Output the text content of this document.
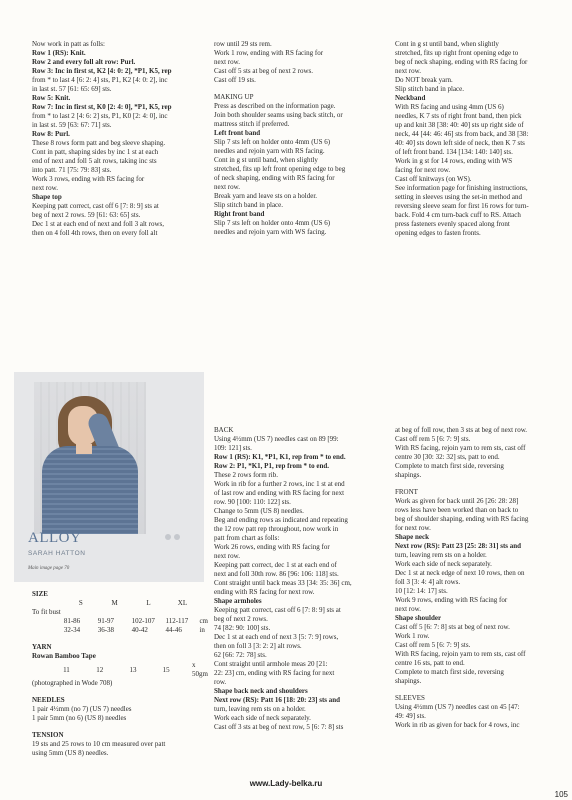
Now work in patt as folls:

Row 1 (RS): Knit.

Row 2 and every foll alt row: Purl.

Row 3: Inc in first st, K2 [4: 0: 2], *P1, K5, rep

from * to last 4 [6: 2: 4] sts, P1, K2 [4: 0: 2], inc

in last st. 57 [61: 65: 69] sts.

Row 5: Knit.

Row 7: Inc in first st, K0 [2: 4: 0], *P1, K5, rep

from * to last 2 [4: 6: 2] sts, P1, K0 [2: 4: 0], inc

in last st. 59 [63: 67: 71] sts.

Row 8: Purl.

These 8 rows form patt and beg sleeve shaping.

Cont in patt, shaping sides by inc 1 st at each

end of next and foll 5 alt rows, taking inc sts

into patt. 71 [75: 79: 83] sts.

Work 3 rows, ending with RS facing for

next row.

Shape top

Keeping patt correct, cast off 6 [7: 8: 9] sts at

beg of next 2 rows. 59 [61: 63: 65] sts.

Dec 1 st at each end of next and foll 3 alt rows,

then on 4 foll 4th rows, then on every foll alt

row until 29 sts rem.

Work 1 row, ending with RS facing for

next row.

Cast off 5 sts at beg of next 2 rows.

Cast off 19 sts.

MAKING UP

Press as described on the information page.

Join both shoulder seams using back stitch, or

mattress stitch if preferred.

Left front band

Slip 7 sts left on holder onto 4mm (US 6)

needles and rejoin yarn with RS facing.

Cont in g st until band, when slightly

stretched, fits up left front opening edge to beg

of neck shaping, ending with RS facing for

next row.

Break yarn and leave sts on a holder.

Slip stitch band in place.

Right front band

Slip 7 sts left on holder onto 4mm (US 6)

needles and rejoin yarn with WS facing.

Cont in g st until band, when slightly

stretched, fits up right front opening edge to

beg of neck shaping, ending with RS facing for

next row.

Do NOT break yarn.

Slip stitch band in place.

Neckband

With RS facing and using 4mm (US 6)

needles, K 7 sts of right front band, then pick

up and knit 38 [38: 40: 40] sts up right side of

neck, 44 [44: 46: 46] sts from back, and 38 [38:

40: 40] sts down left side of neck, then K 7 sts

of left front band. 134 [134: 140: 140] sts.

Work in g st for 14 rows, ending with WS

facing for next row.

Cast off knitways (on WS).

See information page for finishing instructions,

setting in sleeves using the set-in method and

reversing sleeve seam for first 16 rows for turn-

back. Fold 4 cm turn-back cuff to RS. Attach

press fasteners evenly spaced along front

opening edges to fasten fronts.

ALLOY
SARAH HATTON
Main image page 70

SIZE

	S	M	L	XL	
To fit bust					
	81-86	91-97	102-107	112-117	cm
	32-34	36-38	40-42	44-46	in

YARN

Rowan Bamboo Tape

	11	12	13	15	x 50gm

(photographed in Wode 708)

NEEDLES

1 pair 4½mm (no 7) (US 7) needles

1 pair 5mm (no 6) (US 8) needles

TENSION

19 sts and 25 rows to 10 cm measured over patt

using 5mm (US 8) needles.

BACK

Using 4½mm (US 7) needles cast on 89 [99:

109: 121] sts.

Row 1 (RS): K1, *P1, K1, rep from * to end.

Row 2: P1, *K1, P1, rep from * to end.

These 2 rows form rib.

Work in rib for a further 2 rows, inc 1 st at end

of last row and ending with RS facing for next

row. 90 [100: 110: 122] sts.

Change to 5mm (US 8) needles.

Beg and ending rows as indicated and repeating

the 12 row patt rep throughout, now work in

patt from chart as folls:

Work 26 rows, ending with RS facing for

next row.

Keeping patt correct, dec 1 st at each end of

next and foll 30th row. 86 [96: 106: 118] sts.

Cont straight until back meas 33 [34: 35: 36] cm,

ending with RS facing for next row.

Shape armholes

Keeping patt correct, cast off 6 [7: 8: 9] sts at

beg of next 2 rows.

74 [82: 90: 100] sts.

Dec 1 st at each end of next 3 [5: 7: 9] rows,

then on foll 3 [3: 2: 2] alt rows.

62 [66: 72: 78] sts.

Cont straight until armhole meas 20 [21:

22: 23] cm, ending with RS facing for next

row.

Shape back neck and shoulders

Next row (RS): Patt 16 [18: 20: 23] sts and

turn, leaving rem sts on a holder.

Work each side of neck separately.

Cast off 3 sts at beg of next row, 5 [6: 7: 8] sts

at beg of foll row, then 3 sts at beg of next row.

Cast off rem 5 [6: 7: 9] sts.

With RS facing, rejoin yarn to rem sts, cast off

centre 30 [30: 32: 32] sts, patt to end.

Complete to match first side, reversing

shapings.

FRONT

Work as given for back until 26 [26: 28: 28]

rows less have been worked than on back to

beg of shoulder shaping, ending with RS facing

for next row.

Shape neck

Next row (RS): Patt 23 [25: 28: 31] sts and

turn, leaving rem sts on a holder.

Work each side of neck separately.

Dec 1 st at neck edge of next 10 rows, then on

foll 3 [3: 4: 4] alt rows.

10 [12: 14: 17] sts.

Work 9 rows, ending with RS facing for

next row.

Shape shoulder

Cast off 5 [6: 7: 8] sts at beg of next row.

Work 1 row.

Cast off rem 5 [6: 7: 9] sts.

With RS facing, rejoin yarn to rem sts, cast off

centre 16 sts, patt to end.

Complete to match first side, reversing

shapings.

SLEEVES

Using 4½mm (US 7) needles cast on 45 [47:

49: 49] sts.

Work in rib as given for back for 4 rows, inc

www.Lady-belka.ru
105
